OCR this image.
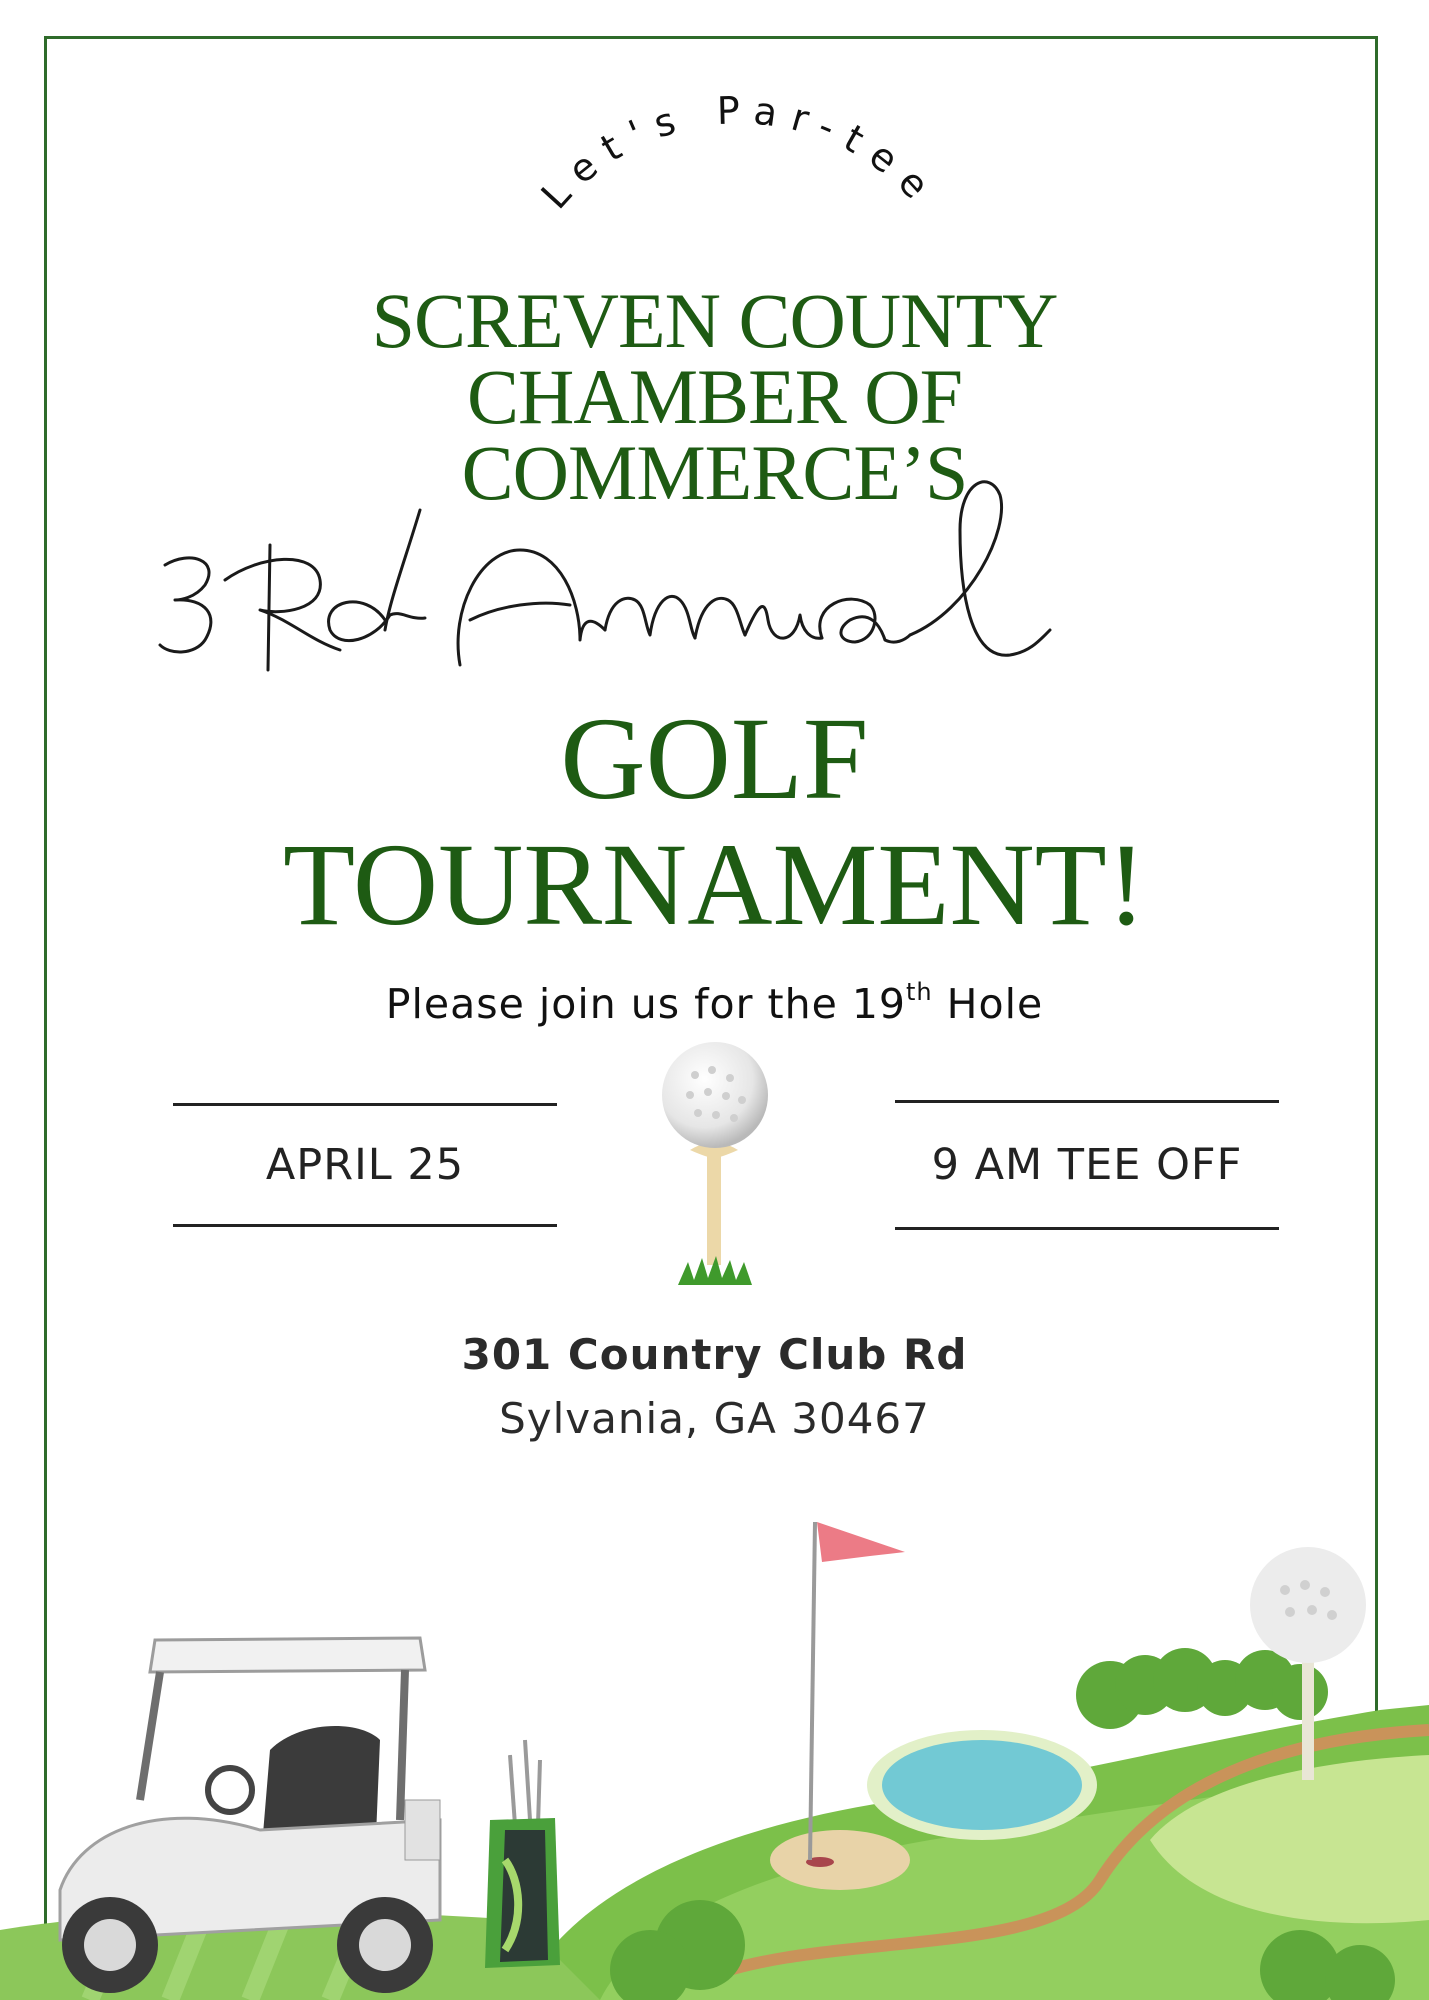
Let's Par-tee
SCREVEN COUNTY
CHAMBER OF
COMMERCE’S
GOLF
TOURNAMENT!
Please join us for the 19th Hole
APRIL 25	9 AM TEE OFF
301 Country Club Rd
Sylvania, GA 30467
